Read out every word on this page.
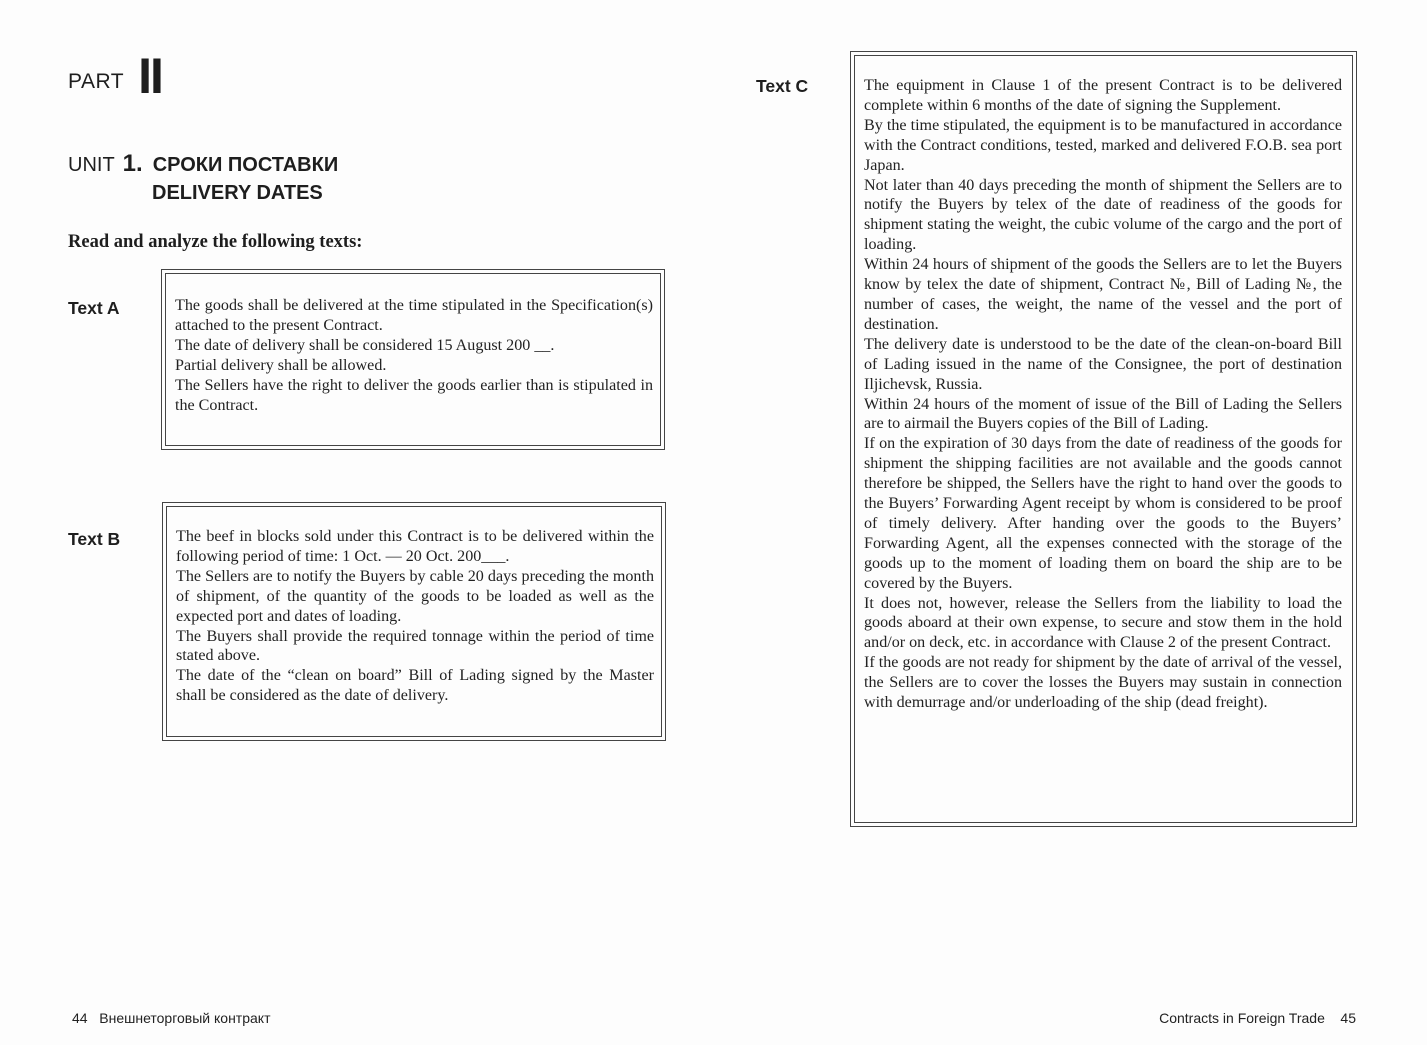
PART II
UNIT 1. СРОКИ ПОСТАВКИ
DELIVERY DATES
Read and analyze the following texts:
Text A	The goods shall be delivered at the time stipulated in the Specification(s) attached to the present Contract.

The date of delivery shall be considered 15 August 200 __.

Partial delivery shall be allowed.

The Sellers have the right to deliver the goods earlier than is stipulated in the Contract.

Text B	The beef in blocks sold under this Contract is to be delivered within the following period of time: 1 Oct. — 20 Oct. 200___.

The Sellers are to notify the Buyers by cable 20 days preceding the month of shipment, of the quantity of the goods to be loaded as well as the expected port and dates of loading.

The Buyers shall provide the required tonnage within the period of time stated above.

The date of the “clean on board” Bill of Lading signed by the Master shall be considered as the date of delivery.

44 Внешнеторговый контракт
Text C	The equipment in Clause 1 of the present Contract is to be delivered complete within 6 months of the date of signing the Supplement.

By the time stipulated, the equipment is to be manufactured in accordance with the Contract conditions, tested, marked and delivered F.O.B. sea port Japan.

Not later than 40 days preceding the month of shipment the Sellers are to notify the Buyers by telex of the date of readiness of the goods for shipment stating the weight, the cubic volume of the cargo and the port of loading.

Within 24 hours of shipment of the goods the Sellers are to let the Buyers know by telex the date of shipment, Contract №, Bill of Lading №, the number of cases, the weight, the name of the vessel and the port of destination.

The delivery date is understood to be the date of the clean-on-board Bill of Lading issued in the name of the Consignee, the port of destination Iljichevsk, Russia.

Within 24 hours of the moment of issue of the Bill of Lading the Sellers are to airmail the Buyers copies of the Bill of Lading.

If on the expiration of 30 days from the date of readiness of the goods for shipment the shipping facilities are not available and the goods cannot therefore be shipped, the Sellers have the right to hand over the goods to the Buyers’ Forwarding Agent receipt by whom is considered to be proof of timely delivery. After handing over the goods to the Buyers’ Forwarding Agent, all the expenses connected with the storage of the goods up to the moment of loading them on board the ship are to be covered by the Buyers.

It does not, however, release the Sellers from the liability to load the goods aboard at their own expense, to secure and stow them in the hold and/or on deck, etc. in accordance with Clause 2 of the present Contract.

If the goods are not ready for shipment by the date of arrival of the vessel, the Sellers are to cover the losses the Buyers may sustain in connection with demurrage and/or underloading of the ship (dead freight).

Contracts in Foreign Trade 45
